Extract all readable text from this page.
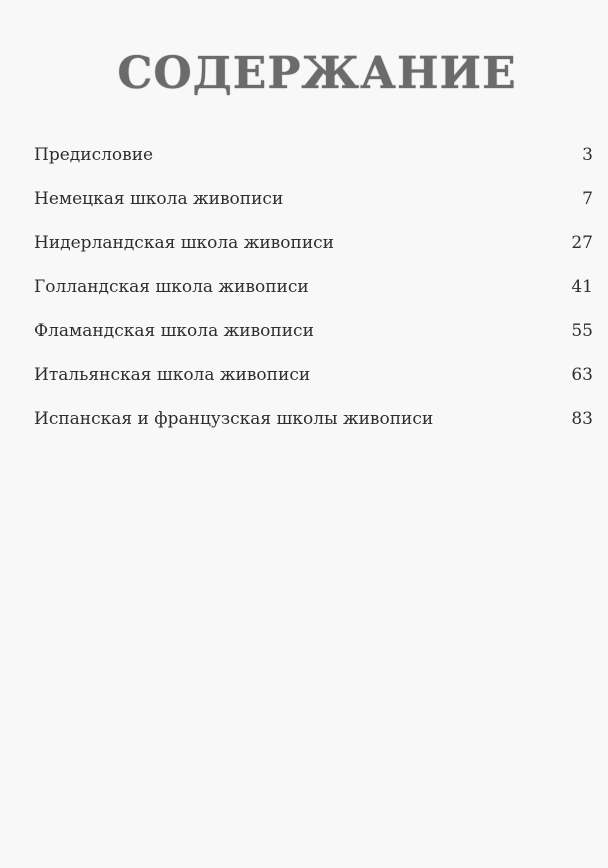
СОДЕРЖАНИЕ
Предисловие	3
Немецкая школа живописи	7
Нидерландская школа живописи	27
Голландская школа живописи	41
Фламандская школа живописи	55
Итальянская школа живописи	63
Испанская и французская школы живописи	83
